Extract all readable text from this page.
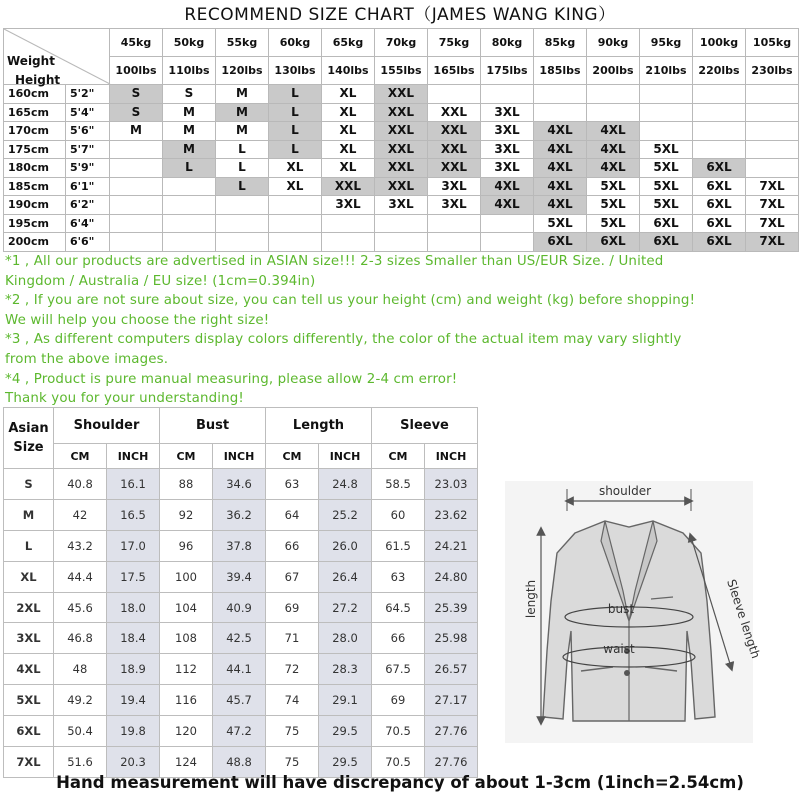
RECOMMEND SIZE CHART（JAMES WANG KING）
Weight
Height		45kg	50kg	55kg	60kg	65kg	70kg	75kg	80kg	85kg	90kg	95kg	100kg	105kg
		100lbs	110lbs	120lbs	130lbs	140lbs	155lbs	165lbs	175lbs	185lbs	200lbs	210lbs	220lbs	230lbs
160cm	5'2"	S	S	M	L	XL	XXL							
165cm	5'4"	S	M	M	L	XL	XXL	XXL	3XL					
170cm	5'6"	M	M	M	L	XL	XXL	XXL	3XL	4XL	4XL			
175cm	5'7"		M	L	L	XL	XXL	XXL	3XL	4XL	4XL	5XL		
180cm	5'9"		L	L	XL	XL	XXL	XXL	3XL	4XL	4XL	5XL	6XL	
185cm	6'1"			L	XL	XXL	XXL	3XL	4XL	4XL	5XL	5XL	6XL	7XL
190cm	6'2"					3XL	3XL	3XL	4XL	4XL	5XL	5XL	6XL	7XL
195cm	6'4"									5XL	5XL	6XL	6XL	7XL
200cm	6'6"									6XL	6XL	6XL	6XL	7XL
*1 , All our products are advertised in ASIAN size!!! 2-3 sizes Smaller than US/EUR Size. / United
Kingdom / Australia / EU size! (1cm=0.394in)
*2 , If you are not sure about size, you can tell us your height (cm) and weight (kg) before shopping!
We will help you choose the right size!
*3 , As different computers display colors differently, the color of the actual item may vary slightly
from the above images.
*4 , Product is pure manual measuring, please allow 2-4 cm error!
Thank you for your understanding!
Asian Size	Shoulder		Bust		Length		Sleeve	
	CM	INCH	CM	INCH	CM	INCH	CM	INCH
S	40.8	16.1	88	34.6	63	24.8	58.5	23.03
M	42	16.5	92	36.2	64	25.2	60	23.62
L	43.2	17.0	96	37.8	66	26.0	61.5	24.21
XL	44.4	17.5	100	39.4	67	26.4	63	24.80
2XL	45.6	18.0	104	40.9	69	27.2	64.5	25.39
3XL	46.8	18.4	108	42.5	71	28.0	66	25.98
4XL	48	18.9	112	44.1	72	28.3	67.5	26.57
5XL	49.2	19.4	116	45.7	74	29.1	69	27.17
6XL	50.4	19.8	120	47.2	75	29.5	70.5	27.76
7XL	51.6	20.3	124	48.8	75	29.5	70.5	27.76
shoulder
length	bust
waist	Sleeve length
Hand measurement will have discrepancy of about 1-3cm (1inch=2.54cm)
